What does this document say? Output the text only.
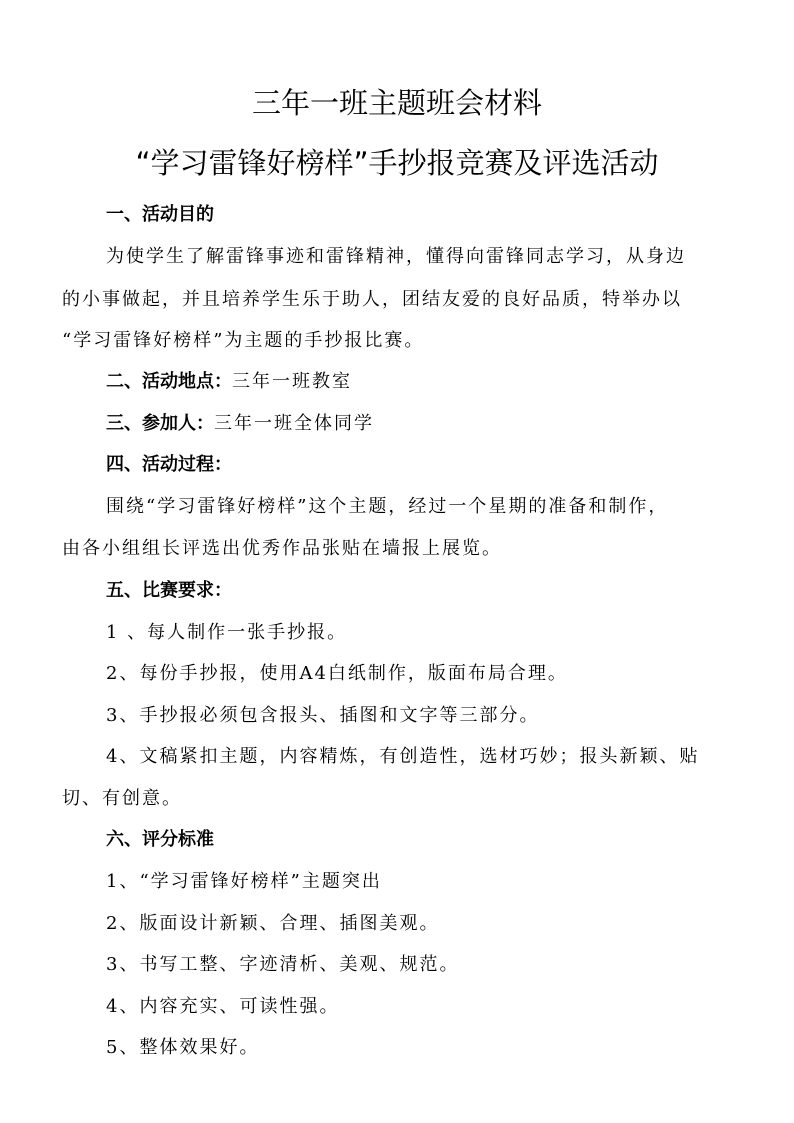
三年一班主题班会材料
“学习雷锋好榜样”手抄报竞赛及评选活动
一、活动目的
为使学生了解雷锋事迹和雷锋精神，懂得向雷锋同志学习，从身边
的小事做起，并且培养学生乐于助人，团结友爱的良好品质，特举办以
“学习雷锋好榜样”为主题的手抄报比赛。
二、活动地点：三年一班教室
三、参加人：三年一班全体同学
四、活动过程：
围绕“学习雷锋好榜样”这个主题，经过一个星期的准备和制作，
由各小组组长评选出优秀作品张贴在墙报上展览。
五、比赛要求：
1 、每人制作一张手抄报。
2、每份手抄报，使用A4白纸制作，版面布局合理。
3、手抄报必须包含报头、插图和文字等三部分。
4、文稿紧扣主题，内容精炼，有创造性，选材巧妙；报头新颖、贴
切、有创意。
六、评分标准
1、“学习雷锋好榜样”主题突出
2、版面设计新颖、合理、插图美观。
3、书写工整、字迹清析、美观、规范。
4、内容充实、可读性强。
5、整体效果好。
